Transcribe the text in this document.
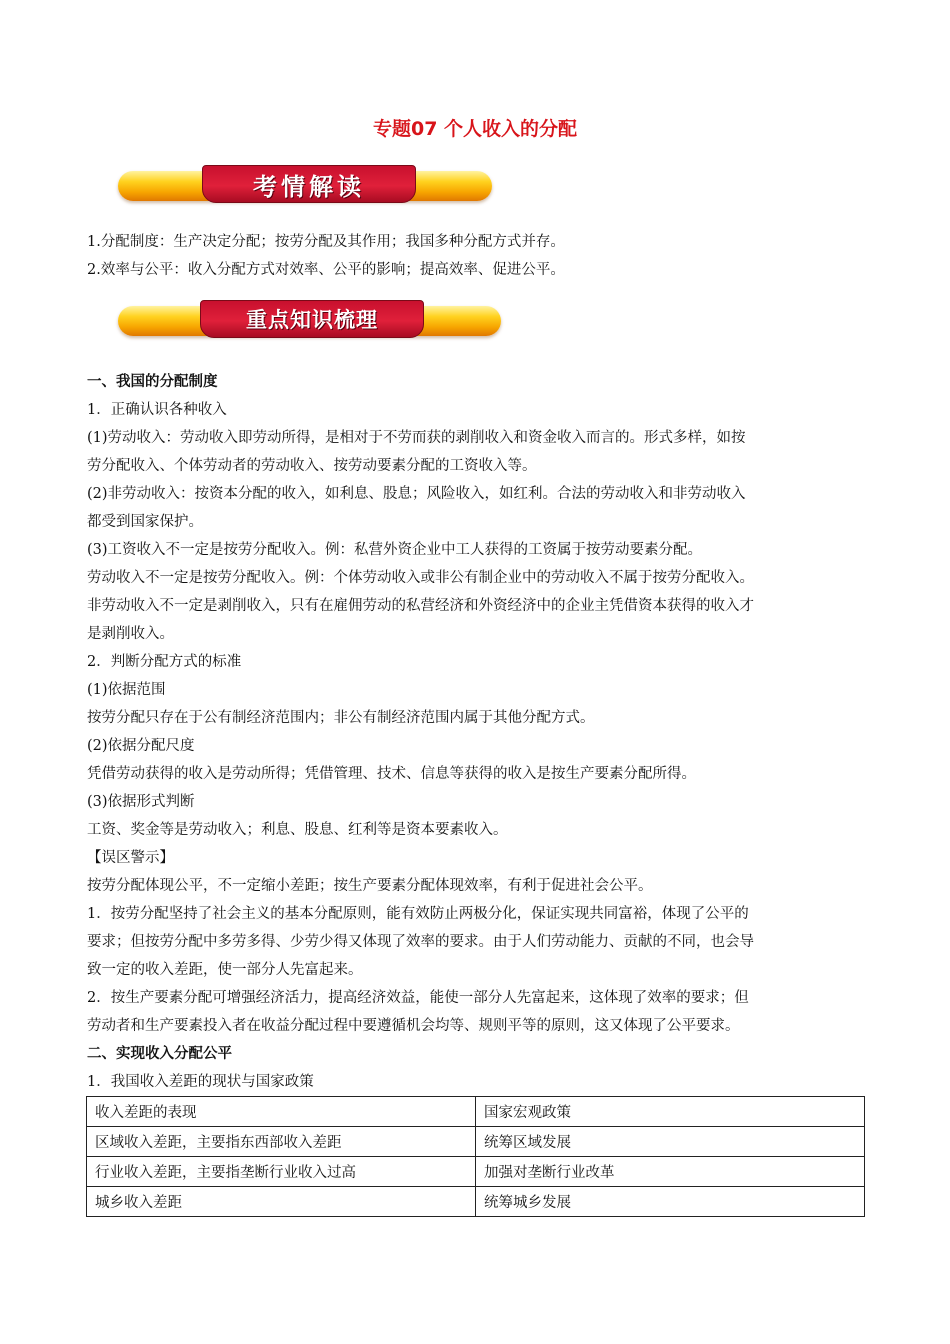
专题07 个人收入的分配
考情解读

1.分配制度：生产决定分配；按劳分配及其作用；我国多种分配方式并存。

2.效率与公平：收入分配方式对效率、公平的影响；提高效率、促进公平。

重点知识梳理

一、我国的分配制度

1．正确认识各种收入

(1)劳动收入：劳动收入即劳动所得，是相对于不劳而获的剥削收入和资金收入而言的。形式多样，如按

劳分配收入、个体劳动者的劳动收入、按劳动要素分配的工资收入等。

(2)非劳动收入：按资本分配的收入，如利息、股息；风险收入，如红利。合法的劳动收入和非劳动收入

都受到国家保护。

(3)工资收入不一定是按劳分配收入。例：私营外资企业中工人获得的工资属于按劳动要素分配。

劳动收入不一定是按劳分配收入。例：个体劳动收入或非公有制企业中的劳动收入不属于按劳分配收入。

非劳动收入不一定是剥削收入，只有在雇佣劳动的私营经济和外资经济中的企业主凭借资本获得的收入才

是剥削收入。

2．判断分配方式的标准

(1)依据范围

按劳分配只存在于公有制经济范围内；非公有制经济范围内属于其他分配方式。

(2)依据分配尺度

凭借劳动获得的收入是劳动所得；凭借管理、技术、信息等获得的收入是按生产要素分配所得。

(3)依据形式判断

工资、奖金等是劳动收入；利息、股息、红利等是资本要素收入。

【误区警示】

按劳分配体现公平，不一定缩小差距；按生产要素分配体现效率，有利于促进社会公平。

1．按劳分配坚持了社会主义的基本分配原则，能有效防止两极分化，保证实现共同富裕，体现了公平的

要求；但按劳分配中多劳多得、少劳少得又体现了效率的要求。由于人们劳动能力、贡献的不同，也会导

致一定的收入差距，使一部分人先富起来。

2．按生产要素分配可增强经济活力，提高经济效益，能使一部分人先富起来，这体现了效率的要求；但

劳动者和生产要素投入者在收益分配过程中要遵循机会均等、规则平等的原则，这又体现了公平要求。

二、实现收入分配公平

1．我国收入差距的现状与国家政策

收入差距的表现	国家宏观政策
区域收入差距，主要指东西部收入差距	统筹区域发展
行业收入差距，主要指垄断行业收入过高	加强对垄断行业改革
城乡收入差距	统筹城乡发展
